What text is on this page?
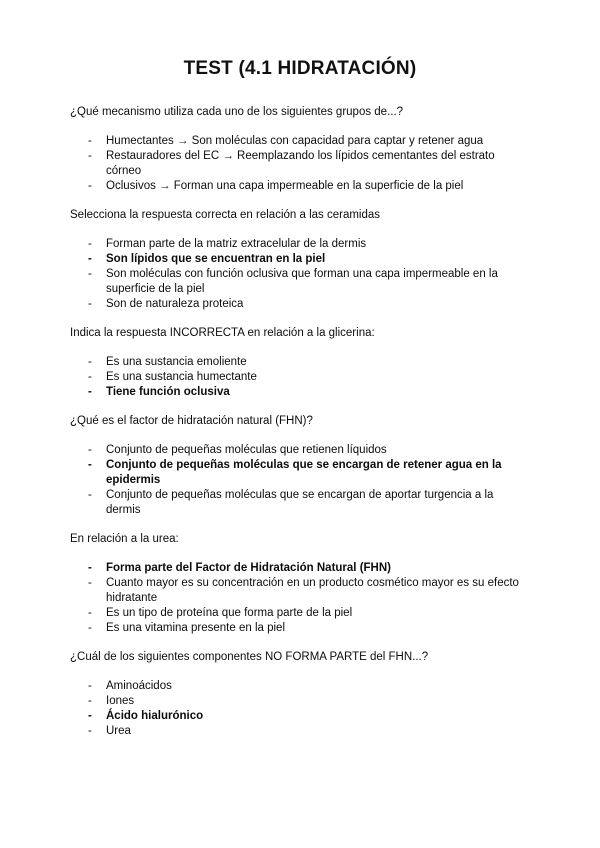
TEST (4.1 HIDRATACIÓN)

¿Qué mecanismo utiliza cada uno de los siguientes grupos de...?

-	Humectantes → Son moléculas con capacidad para captar y retener agua
-	Restauradores del EC → Reemplazando los lípidos cementantes del estrato córneo
-	Oclusivos → Forman una capa impermeable en la superficie de la piel

Selecciona la respuesta correcta en relación a las ceramidas

-	Forman parte de la matriz extracelular de la dermis
-	Son lípidos que se encuentran en la piel
-	Son moléculas con función oclusiva que forman una capa impermeable en la superficie de la piel
-	Son de naturaleza proteica

Indica la respuesta INCORRECTA en relación a la glicerina:

-	Es una sustancia emoliente
-	Es una sustancia humectante
-	Tiene función oclusiva

¿Qué es el factor de hidratación natural (FHN)?

-	Conjunto de pequeñas moléculas que retienen líquidos
-	Conjunto de pequeñas moléculas que se encargan de retener agua en la epidermis
-	Conjunto de pequeñas moléculas que se encargan de aportar turgencia a la dermis

En relación a la urea:

-	Forma parte del Factor de Hidratación Natural (FHN)
-	Cuanto mayor es su concentración en un producto cosmético mayor es su efecto hidratante
-	Es un tipo de proteína que forma parte de la piel
-	Es una vitamina presente en la piel

¿Cuál de los siguientes componentes NO FORMA PARTE del FHN...?

-	Aminoácidos
-	Iones
-	Ácido hialurónico
-	Urea
